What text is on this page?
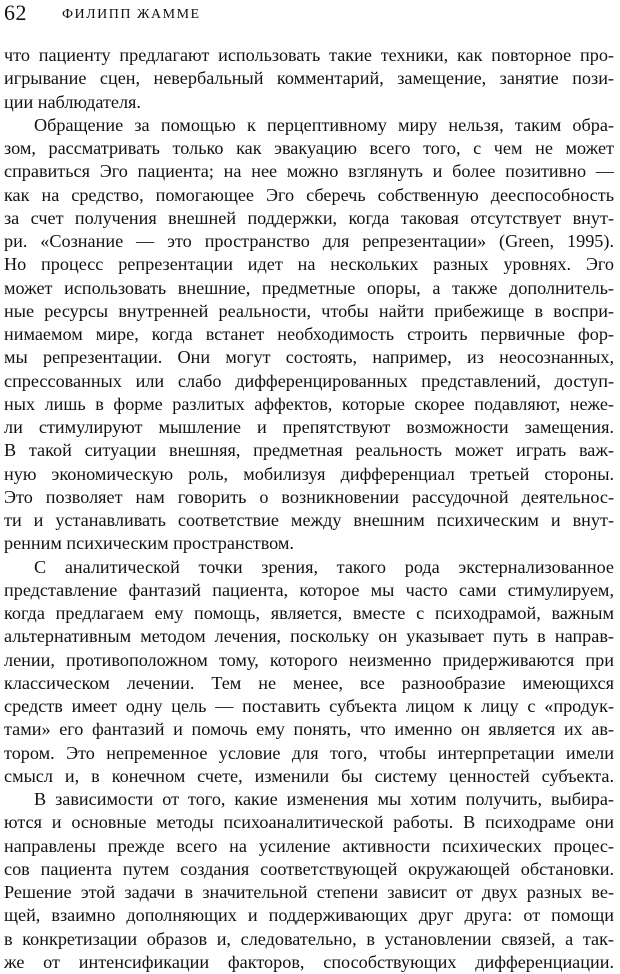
62	ФИЛИПП ЖАММЕ
что пациенту предлагают использовать такие техники, как повторное про-
игрывание сцен, невербальный комментарий, замещение, занятие пози-
ции наблюдателя.
Обращение за помощью к перцептивному миру нельзя, таким обра-
зом, рассматривать только как эвакуацию всего того, с чем не может
справиться Эго пациента; на нее можно взглянуть и более позитивно —
как на средство, помогающее Эго сберечь собственную дееспособность
за счет получения внешней поддержки, когда таковая отсутствует внут-
ри. «Сознание — это пространство для репрезентации» (Green, 1995).
Но процесс репрезентации идет на нескольких разных уровнях. Эго
может использовать внешние, предметные опоры, а также дополнитель-
ные ресурсы внутренней реальности, чтобы найти прибежище в воспри-
нимаемом мире, когда встанет необходимость строить первичные фор-
мы репрезентации. Они могут состоять, например, из неосознанных,
спрессованных или слабо дифференцированных представлений, доступ-
ных лишь в форме разлитых аффектов, которые скорее подавляют, неже-
ли стимулируют мышление и препятствуют возможности замещения.
В такой ситуации внешняя, предметная реальность может играть важ-
ную экономическую роль, мобилизуя дифференциал третьей стороны.
Это позволяет нам говорить о возникновении рассудочной деятельнос-
ти и устанавливать соответствие между внешним психическим и внут-
ренним психическим пространством.
С аналитической точки зрения, такого рода экстернализованное
представление фантазий пациента, которое мы часто сами стимулируем,
когда предлагаем ему помощь, является, вместе с психодрамой, важным
альтернативным методом лечения, поскольку он указывает путь в направ-
лении, противоположном тому, которого неизменно придерживаются при
классическом лечении. Тем не менее, все разнообразие имеющихся
средств имеет одну цель — поставить субъекта лицом к лицу с «продук-
тами» его фантазий и помочь ему понять, что именно он является их ав-
тором. Это непременное условие для того, чтобы интерпретации имели
смысл и, в конечном счете, изменили бы систему ценностей субъекта.
В зависимости от того, какие изменения мы хотим получить, выбира-
ются и основные методы психоаналитической работы. В психодраме они
направлены прежде всего на усиление активности психических процес-
сов пациента путем создания соответствующей окружающей обстановки.
Решение этой задачи в значительной степени зависит от двух разных ве-
щей, взаимно дополняющих и поддерживающих друг друга: от помощи
в конкретизации образов и, следовательно, в установлении связей, а так-
же от интенсификации факторов, способствующих дифференциации.
